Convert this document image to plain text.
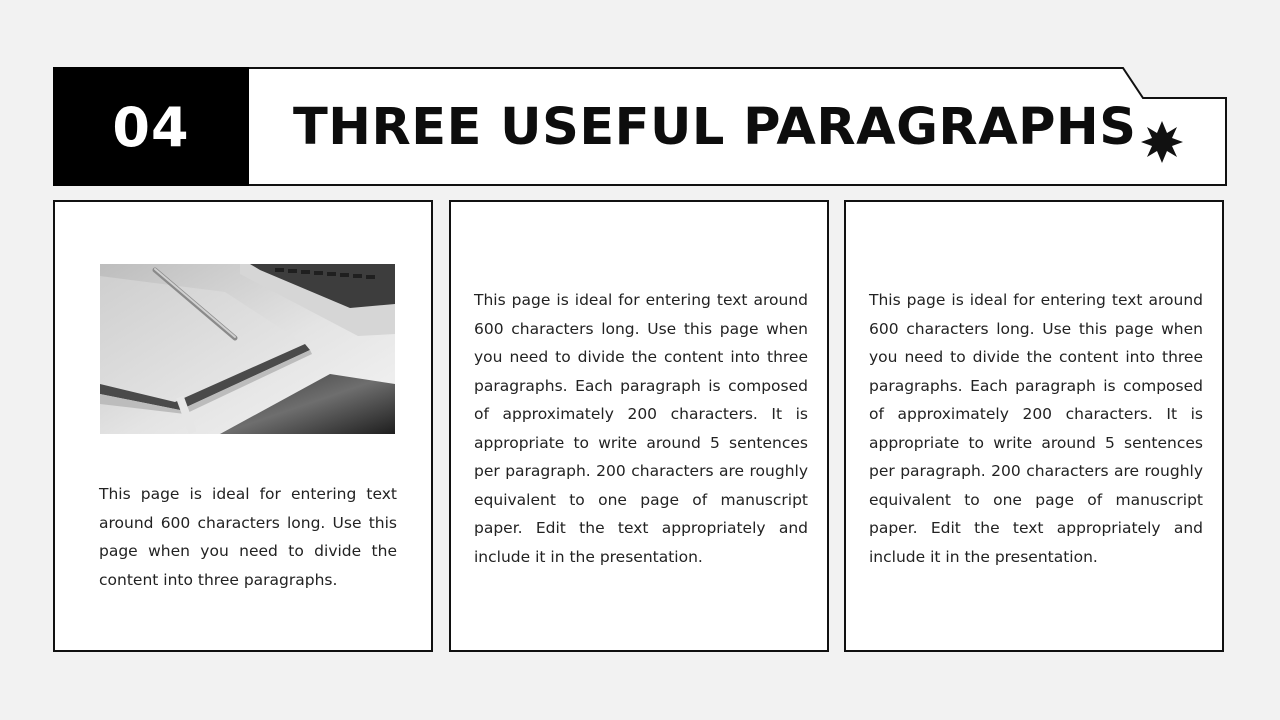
04	THREE USEFUL PARAGRAPHS

This page is ideal for entering text around 600 characters long. Use this page when you need to divide the content into three paragraphs.

This page is ideal for entering text around 600 characters long. Use this page when you need to divide the content into three paragraphs. Each paragraph is composed of approximately 200 characters. It is appropriate to write around 5 sentences per paragraph. 200 characters are roughly equivalent to one page of manuscript paper. Edit the text appropriately and include it in the presentation.

This page is ideal for entering text around 600 characters long. Use this page when you need to divide the content into three paragraphs. Each paragraph is composed of approximately 200 characters. It is appropriate to write around 5 sentences per paragraph. 200 characters are roughly equivalent to one page of manuscript paper. Edit the text appropriately and include it in the presentation.
